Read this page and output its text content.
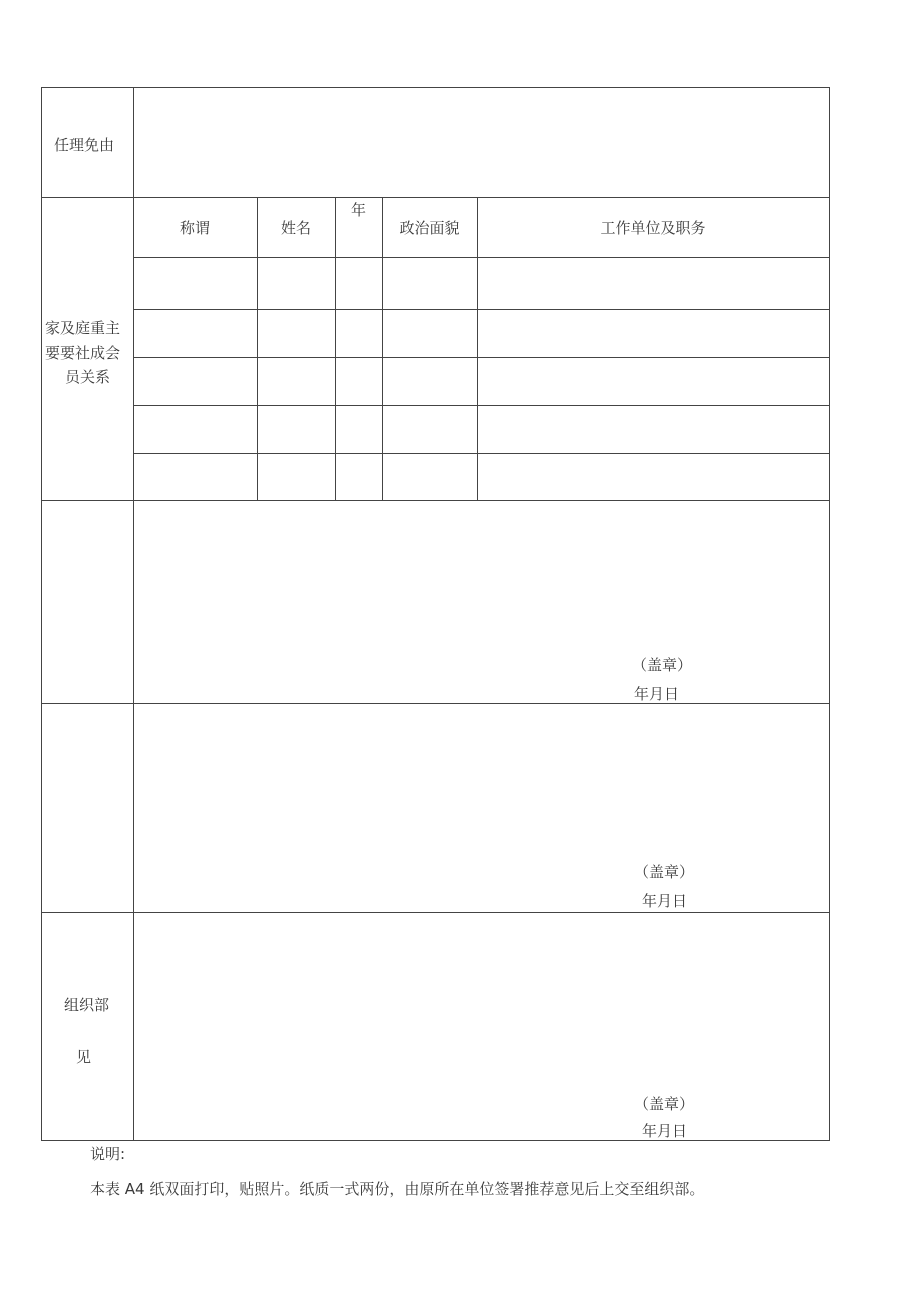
任理免由
家及庭重主
要要社成会
员关系
称谓	姓名
年
政治面貌	工作单位及职务
（盖章）
年月日
（盖章）
年月日
组织部
见
（盖章）
年月日
说明:
本表 A4 纸双面打印，贴照片。纸质一式两份，由原所在单位签署推荐意见后上交至组织部。
